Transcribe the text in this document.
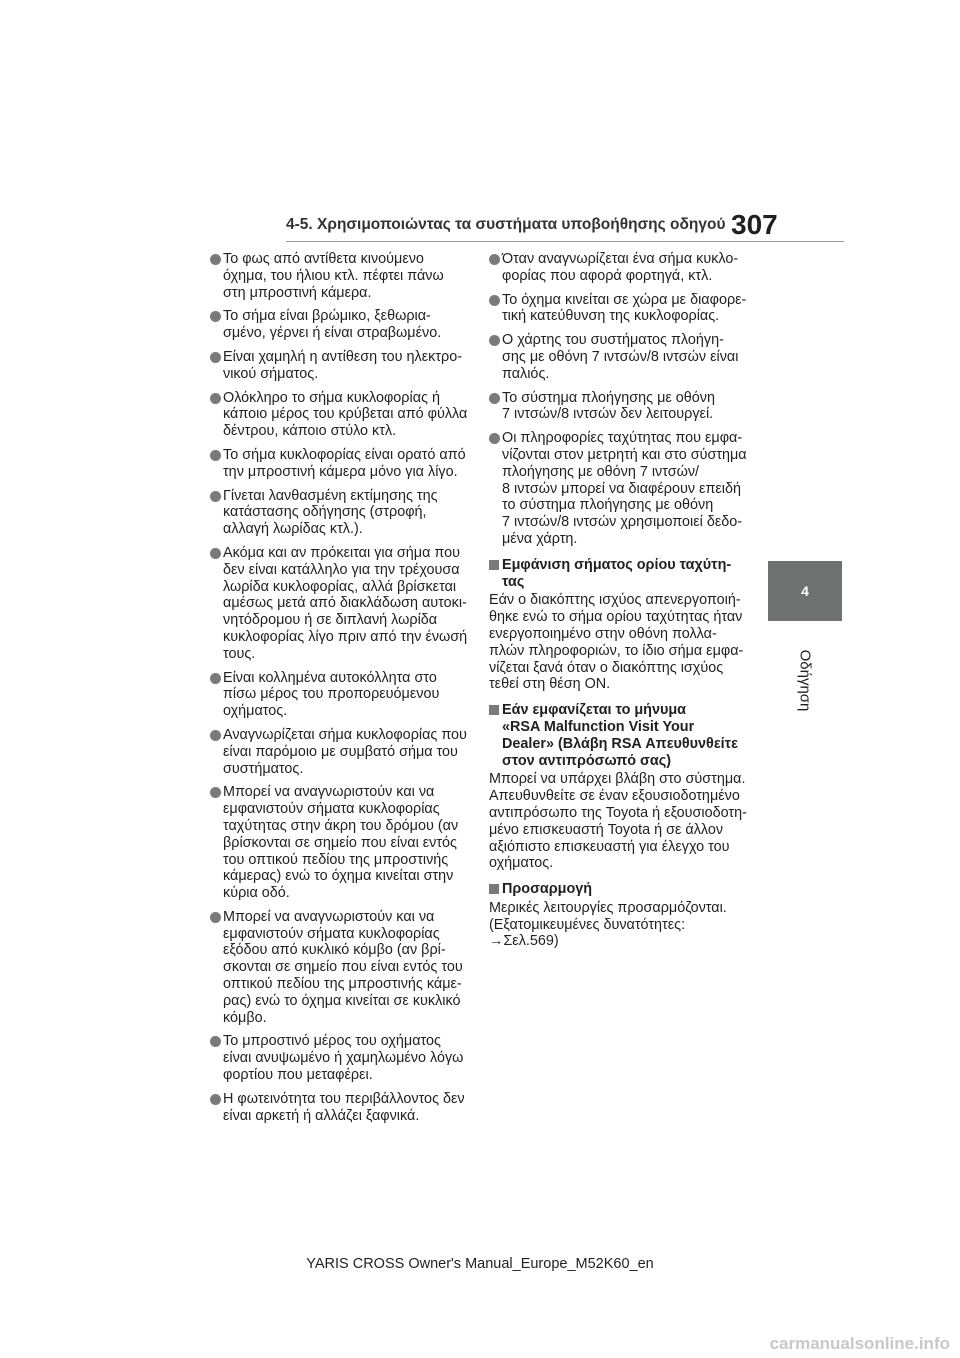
4-5. Χρησιμοποιώντας τα συστήματα υποβοήθησης οδηγού 307
4
Οδήγηση
Το φως από αντίθετα κινούμενο
όχημα, του ήλιου κτλ. πέφτει πάνω
στη μπροστινή κάμερα.
Το σήμα είναι βρώμικο, ξεθωρια-
σμένο, γέρνει ή είναι στραβωμένο.
Είναι χαμηλή η αντίθεση του ηλεκτρο-
νικού σήματος.
Ολόκληρο το σήμα κυκλοφορίας ή
κάποιο μέρος του κρύβεται από φύλλα
δέντρου, κάποιο στύλο κτλ.
Το σήμα κυκλοφορίας είναι ορατό από
την μπροστινή κάμερα μόνο για λίγο.
Γίνεται λανθασμένη εκτίμησης της
κατάστασης οδήγησης (στροφή,
αλλαγή λωρίδας κτλ.).
Ακόμα και αν πρόκειται για σήμα που
δεν είναι κατάλληλο για την τρέχουσα
λωρίδα κυκλοφορίας, αλλά βρίσκεται
αμέσως μετά από διακλάδωση αυτοκι-
νητόδρομου ή σε διπλανή λωρίδα
κυκλοφορίας λίγο πριν από την ένωσή
τους.
Είναι κολλημένα αυτοκόλλητα στο
πίσω μέρος του προπορευόμενου
οχήματος.
Αναγνωρίζεται σήμα κυκλοφορίας που
είναι παρόμοιο με συμβατό σήμα του
συστήματος.
Μπορεί να αναγνωριστούν και να
εμφανιστούν σήματα κυκλοφορίας
ταχύτητας στην άκρη του δρόμου (αν
βρίσκονται σε σημείο που είναι εντός
του οπτικού πεδίου της μπροστινής
κάμερας) ενώ το όχημα κινείται στην
κύρια οδό.
Μπορεί να αναγνωριστούν και να
εμφανιστούν σήματα κυκλοφορίας
εξόδου από κυκλικό κόμβο (αν βρί-
σκονται σε σημείο που είναι εντός του
οπτικού πεδίου της μπροστινής κάμε-
ρας) ενώ το όχημα κινείται σε κυκλικό
κόμβο.
Το μπροστινό μέρος του οχήματος
είναι ανυψωμένο ή χαμηλωμένο λόγω
φορτίου που μεταφέρει.
Η φωτεινότητα του περιβάλλοντος δεν
είναι αρκετή ή αλλάζει ξαφνικά.
Όταν αναγνωρίζεται ένα σήμα κυκλο-
φορίας που αφορά φορτηγά, κτλ.
Το όχημα κινείται σε χώρα με διαφορε-
τική κατεύθυνση της κυκλοφορίας.
Ο χάρτης του συστήματος πλοήγη-
σης με οθόνη 7 ιντσών/8 ιντσών είναι
παλιός.
Το σύστημα πλοήγησης με οθόνη
7 ιντσών/8 ιντσών δεν λειτουργεί.
Οι πληροφορίες ταχύτητας που εμφα-
νίζονται στον μετρητή και στο σύστημα
πλοήγησης με οθόνη 7 ιντσών/
8 ιντσών μπορεί να διαφέρουν επειδή
το σύστημα πλοήγησης με οθόνη
7 ιντσών/8 ιντσών χρησιμοποιεί δεδο-
μένα χάρτη.
Εμφάνιση σήματος ορίου ταχύτη-
τας
Εάν ο διακόπτης ισχύος απενεργοποιή-
θηκε ενώ το σήμα ορίου ταχύτητας ήταν
ενεργοποιημένο στην οθόνη πολλα-
πλών πληροφοριών, το ίδιο σήμα εμφα-
νίζεται ξανά όταν ο διακόπτης ισχύος
τεθεί στη θέση ON.
Εάν εμφανίζεται το μήνυμα
«RSA Malfunction Visit Your
Dealer» (Βλάβη RSA Απευθυνθείτε
στον αντιπρόσωπό σας)
Μπορεί να υπάρχει βλάβη στο σύστημα.
Απευθυνθείτε σε έναν εξουσιοδοτημένο
αντιπρόσωπο της Toyota ή εξουσιοδοτη-
μένο επισκευαστή Toyota ή σε άλλον
αξιόπιστο επισκευαστή για έλεγχο του
οχήματος.
Προσαρμογή
Μερικές λειτουργίες προσαρμόζονται.
(Εξατομικευμένες δυνατότητες:
→Σελ.569)
YARIS CROSS Owner's Manual_Europe_M52K60_en
carmanualsonline.info
